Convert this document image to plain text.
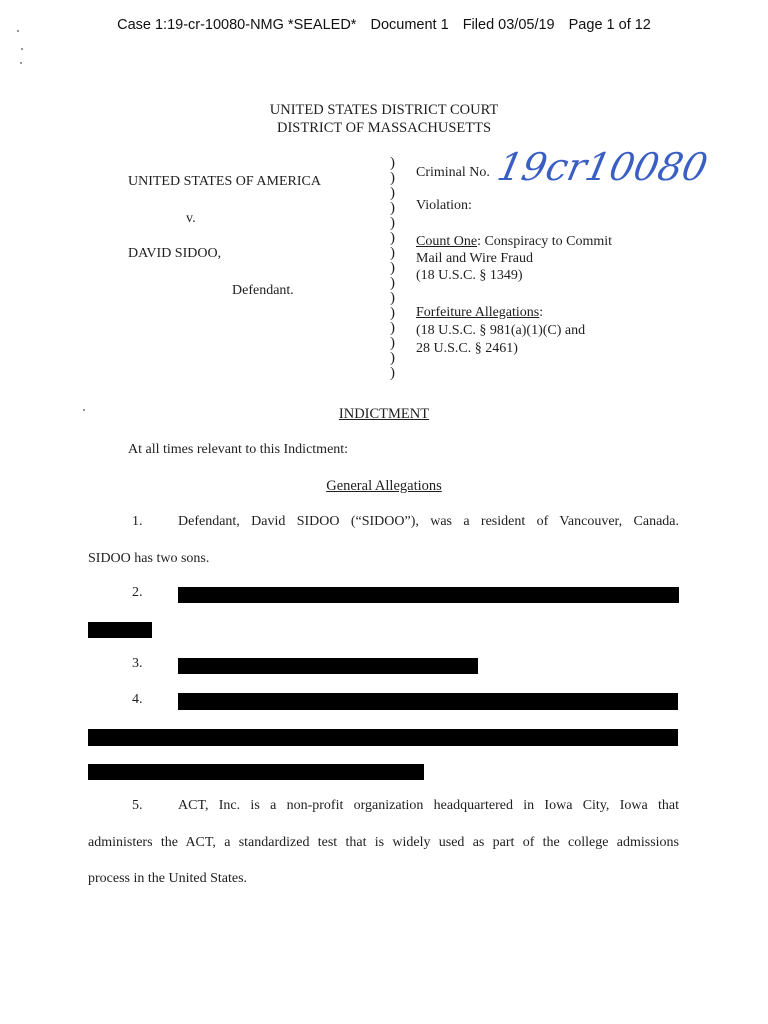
Case 1:19-cr-10080-NMG *SEALED* Document 1 Filed 03/05/19 Page 1 of 12
UNITED STATES DISTRICT COURT
DISTRICT OF MASSACHUSETTS
UNITED STATES OF AMERICA
v.
DAVID SIDOO,
Defendant.
)
)
)
)
)
)
)
)
)
)
)
)
)
)
)
Criminal No. 19cr10080
Violation:
Count One: Conspiracy to Commit
Mail and Wire Fraud
(18 U.S.C. § 1349)
Forfeiture Allegations:
(18 U.S.C. § 981(a)(1)(C) and
28 U.S.C. § 2461)
INDICTMENT
At all times relevant to this Indictment:
General Allegations
1.	Defendant, David SIDOO (“SIDOO”), was a resident of Vancouver, Canada.
SIDOO has two sons.
2.
3.
4.
5.	ACT, Inc. is a non-profit organization headquartered in Iowa City, Iowa that
administers the ACT, a standardized test that is widely used as part of the college admissions
process in the United States.
